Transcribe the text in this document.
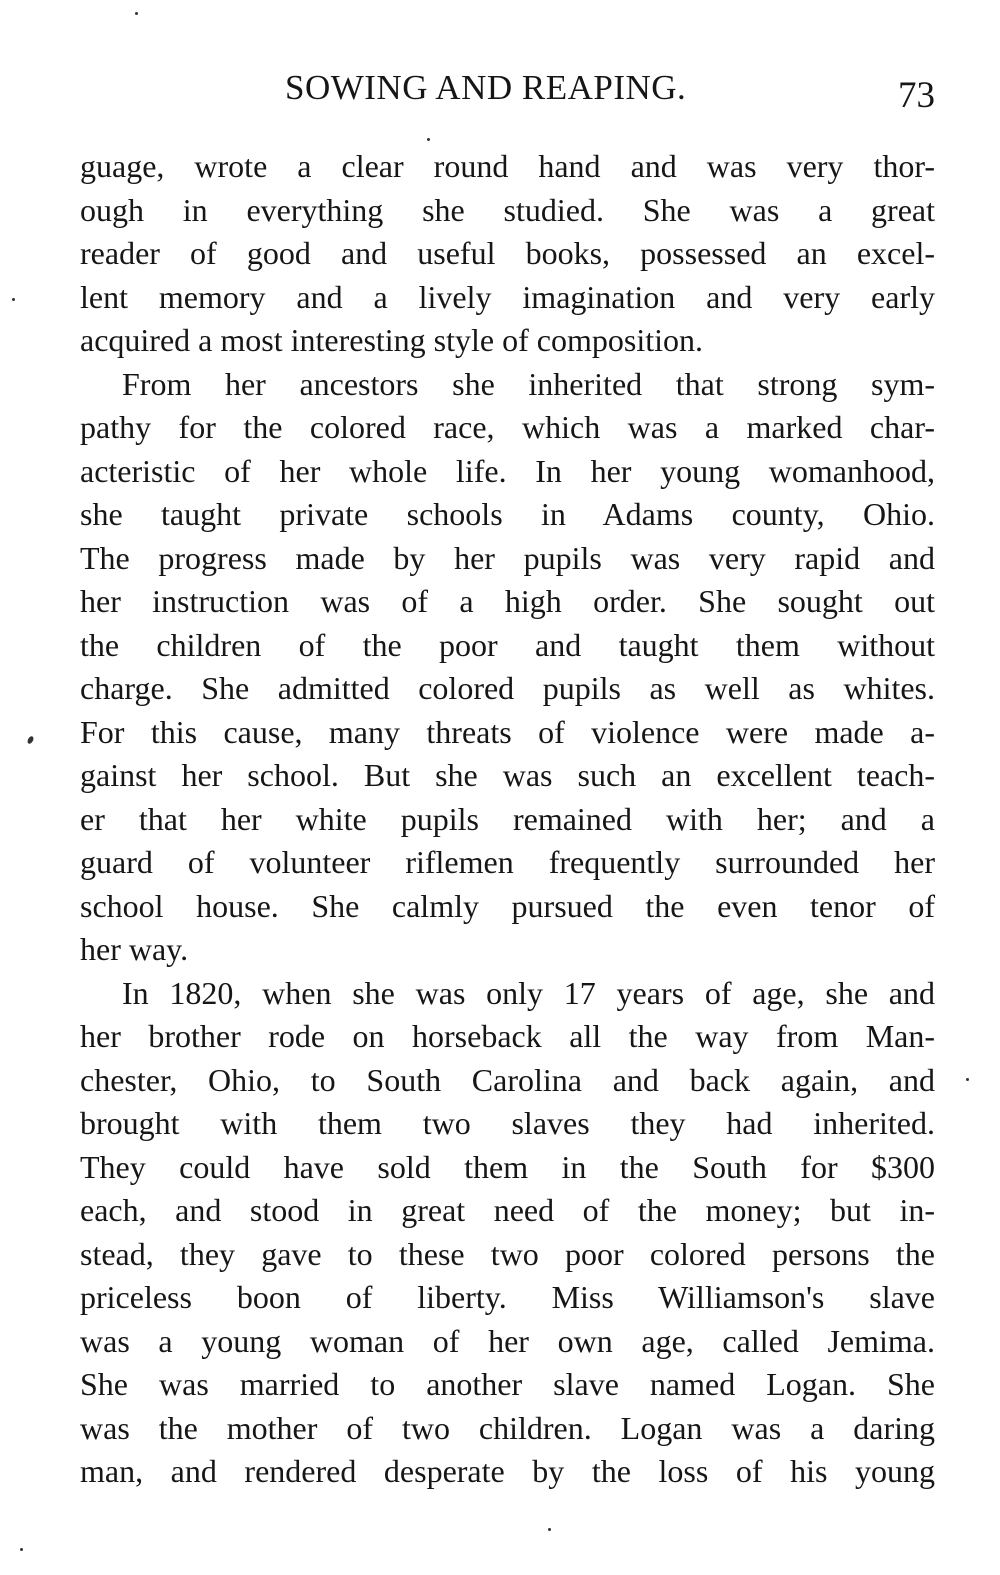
SOWING AND REAPING.	73
guage, wrote a clear round hand and was very thor-
ough in everything she studied. She was a great
reader of good and useful books, possessed an excel-
lent memory and a lively imagination and very early
acquired a most interesting style of composition.
From her ancestors she inherited that strong sym-
pathy for the colored race, which was a marked char-
acteristic of her whole life. In her young womanhood,
she taught private schools in Adams county, Ohio.
The progress made by her pupils was very rapid and
her instruction was of a high order. She sought out
the children of the poor and taught them without
charge. She admitted colored pupils as well as whites.
For this cause, many threats of violence were made a-
gainst her school. But she was such an excellent teach-
er that her white pupils remained with her; and a
guard of volunteer riflemen frequently surrounded her
school house. She calmly pursued the even tenor of
her way.
In 1820, when she was only 17 years of age, she and
her brother rode on horseback all the way from Man-
chester, Ohio, to South Carolina and back again, and
brought with them two slaves they had inherited.
They could have sold them in the South for $300
each, and stood in great need of the money; but in-
stead, they gave to these two poor colored persons the
priceless boon of liberty. Miss Williamson's slave
was a young woman of her own age, called Jemima.
She was married to another slave named Logan. She
was the mother of two children. Logan was a daring
man, and rendered desperate by the loss of his young
